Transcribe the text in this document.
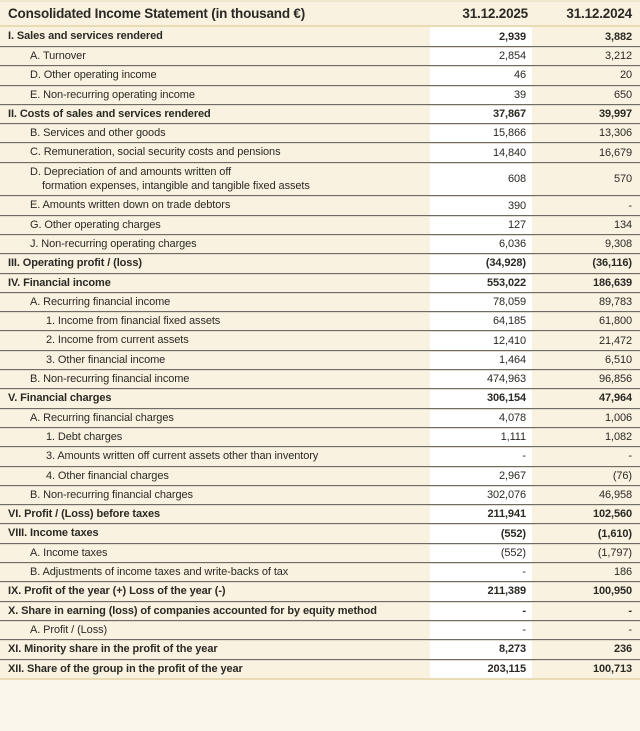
Consolidated Income Statement (in thousand €)	31.12.2025	31.12.2024
I. Sales and services rendered	2,939	3,882
A. Turnover	2,854	3,212
D. Other operating income	46	20
E. Non-recurring operating income	39	650
II. Costs of sales and services rendered	37,867	39,997
B. Services and other goods	15,866	13,306
C. Remuneration, social security costs and pensions	14,840	16,679
D. Depreciation of and amounts written off
formation expenses, intangible and tangible fixed assets
608	570
E. Amounts written down on trade debtors	390	-
G. Other operating charges	127	134
J. Non-recurring operating charges	6,036	9,308
III. Operating profit / (loss)	(34,928)	(36,116)
IV. Financial income	553,022	186,639
A. Recurring financial income	78,059	89,783
1. Income from financial fixed assets	64,185	61,800
2. Income from current assets	12,410	21,472
3. Other financial income	1,464	6,510
B. Non-recurring financial income	474,963	96,856
V. Financial charges	306,154	47,964
A. Recurring financial charges	4,078	1,006
1. Debt charges	1,111	1,082
3. Amounts written off current assets other than inventory	-	-
4. Other financial charges	2,967	(76)
B. Non-recurring financial charges	302,076	46,958
VI. Profit / (Loss) before taxes	211,941	102,560
VIII. Income taxes	(552)	(1,610)
A. Income taxes	(552)	(1,797)
B. Adjustments of income taxes and write-backs of tax	-	186
IX. Profit of the year (+) Loss of the year (-)	211,389	100,950
X. Share in earning (loss) of companies accounted for by equity method	-	-
A. Profit / (Loss)	-	-
XI. Minority share in the profit of the year	8,273	236
XII. Share of the group in the profit of the year	203,115	100,713
